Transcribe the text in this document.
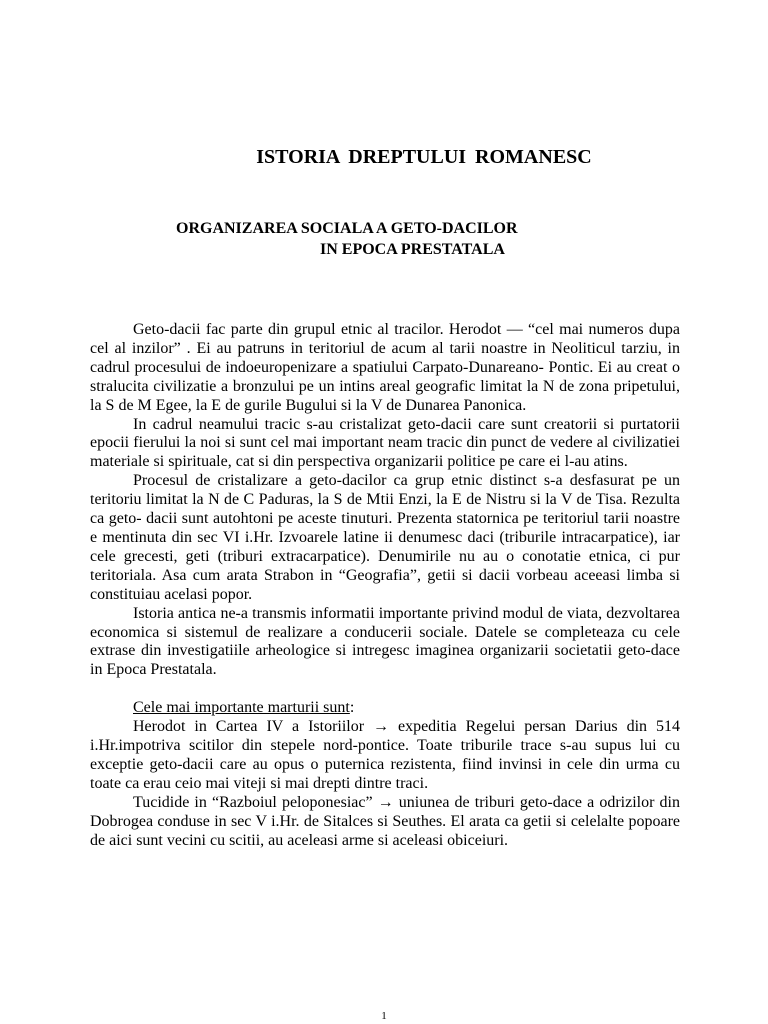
ISTORIA DREPTULUI ROMANESC
ORGANIZAREA SOCIALA A GETO-DACILOR
IN EPOCA PRESTATALA

Geto-dacii fac parte din grupul etnic al tracilor. Herodot — “cel mai numeros dupa cel al inzilor” . Ei au patruns in teritoriul de acum al tarii noastre in Neoliticul tarziu, in cadrul procesului de indoeuropenizare a spatiului Carpato-Dunareano- Pontic. Ei au creat o stralucita civilizatie a bronzului pe un intins areal geografic limitat la N de zona pripetului, la S de M Egee, la E de gurile Bugului si la V de Dunarea Panonica.

In cadrul neamului tracic s-au cristalizat geto-dacii care sunt creatorii si purtatorii epocii fierului la noi si sunt cel mai important neam tracic din punct de vedere al civilizatiei materiale si spirituale, cat si din perspectiva organizarii politice pe care ei l-au atins.

Procesul de cristalizare a geto-dacilor ca grup etnic distinct s-a desfasurat pe un teritoriu limitat la N de C Paduras, la S de Mtii Enzi, la E de Nistru si la V de Tisa. Rezulta ca geto- dacii sunt autohtoni pe aceste tinuturi. Prezenta statornica pe teritoriul tarii noastre e mentinuta din sec VI i.Hr. Izvoarele latine ii denumesc daci (triburile intracarpatice), iar cele grecesti, geti (triburi extracarpatice). Denumirile nu au o conotatie etnica, ci pur teritoriala. Asa cum arata Strabon in “Geografia”, getii si dacii vorbeau aceeasi limba si constituiau acelasi popor.

Istoria antica ne-a transmis informatii importante privind modul de viata, dezvoltarea economica si sistemul de realizare a conducerii sociale. Datele se completeaza cu cele extrase din investigatiile arheologice si intregesc imaginea organizarii societatii geto-dace in Epoca Prestatala.

Cele mai importante marturii sunt:

Herodot in Cartea IV a Istoriilor → expeditia Regelui persan Darius din 514 i.Hr.impotriva scitilor din stepele nord-pontice. Toate triburile trace s-au supus lui cu exceptie geto-dacii care au opus o puternica rezistenta, fiind invinsi in cele din urma cu toate ca erau ceio mai viteji si mai drepti dintre traci.

Tucidide in “Razboiul peloponesiac” → uniunea de triburi geto-dace a odrizilor din Dobrogea conduse in sec V i.Hr. de Sitalces si Seuthes. El arata ca getii si celelalte popoare de aici sunt vecini cu scitii, au aceleasi arme si aceleasi obiceiuri.

1
